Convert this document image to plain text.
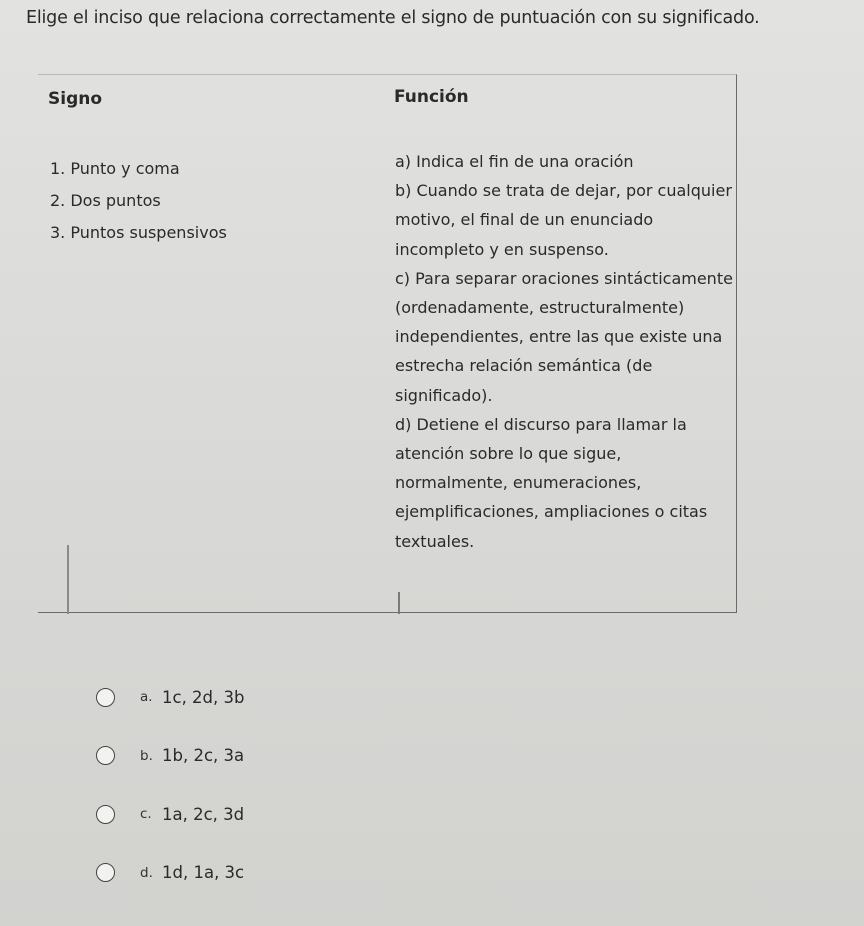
Elige el inciso que relaciona correctamente el signo de puntuación con su significado.
Signo	Función
1. Punto y coma
2. Dos puntos
3. Puntos suspensivos

a) Indica el fin de una oración

b) Cuando se trata de dejar, por cualquier motivo, el final de un enunciado incompleto y en suspenso.

c) Para separar oraciones sintácticamente (ordenadamente, estructuralmente) independientes, entre las que existe una estrecha relación semántica (de significado).

d) Detiene el discurso para llamar la atención sobre lo que sigue, normalmente, enumeraciones, ejemplificaciones, ampliaciones o citas textuales.

a. 1c, 2d, 3b
b. 1b, 2c, 3a
c. 1a, 2c, 3d
d. 1d, 1a, 3c
